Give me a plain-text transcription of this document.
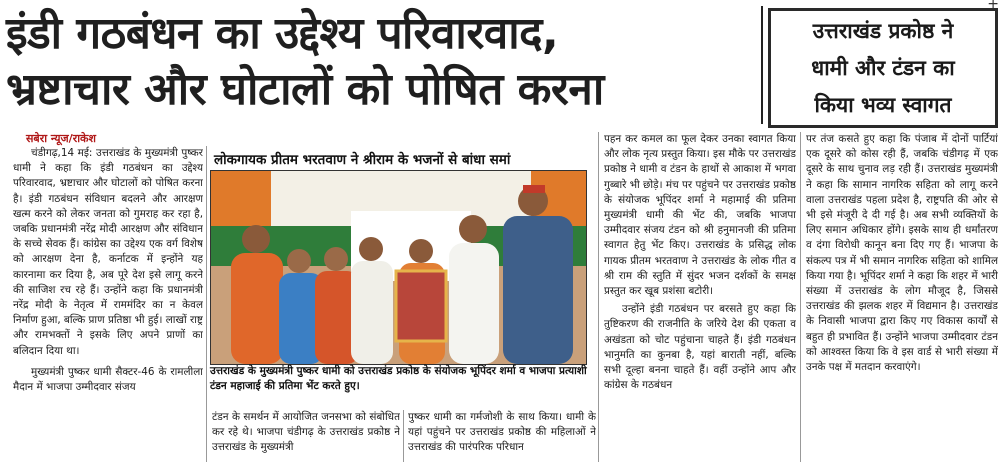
इंडी गठबंधन का उद्देश्य परिवारवाद,
भ्रष्टाचार और घोटालों को पोषित करना
उत्तराखंड प्रकोष्ठ ने
धामी और टंडन का
किया भव्य स्वागत
+
सबेरा न्यूज/राकेश
चंडीगढ़,14 मई: उत्तराखंड के मुख्यमंत्री पुष्कर धामी ने कहा कि इंडी गठबंधन का उद्देश्य परिवारवाद, भ्रष्टाचार और घोटालों को पोषित करना है। इंडी गठबंधन संविधान बदलने और आरक्षण खत्म करने को लेकर जनता को गुमराह कर रहा है, जबकि प्रधानमंत्री नरेंद्र मोदी आरक्षण और संविधान के सच्चे सेवक हैं। कांग्रेस का उद्देश्य एक वर्ग विशेष को आरक्षण देना है, कर्नाटक में इन्होंने यह कारनामा कर दिया है, अब पूरे देश इसे लागू करने की साजिश रच रहे हैं। उन्होंने कहा कि प्रधानमंत्री नरेंद्र मोदी के नेतृत्व में राममंदिर का न केवल निर्माण हुआ, बल्कि प्राण प्रतिष्ठा भी हुई। लाखों राष्ट्र और रामभक्तों ने इसके लिए अपने प्राणों का बलिदान दिया था।
मुख्यमंत्री पुष्कर धामी सैक्टर-46 के रामलीला मैदान में भाजपा उम्मीदवार संजय
लोकगायक प्रीतम भरतवाण ने श्रीराम के भजनों से बांधा समां
उत्तराखंड के मुख्यमंत्री पुष्कर धामी को उत्तराखंड प्रकोष्ठ के संयोजक भूपिंदर शर्मा व भाजपा प्रत्याशी टंडन महाजाई की प्रतिमा भेंट करते हुए।
टंडन के समर्थन में आयोजित जनसभा को संबोधित कर रहे थे। भाजपा चंडीगढ़ के उत्तराखंड प्रकोष्ठ ने उत्तराखंड के मुख्यमंत्री
पुष्कर धामी का गर्मजोशी के साथ किया। धामी के यहां पहुंचने पर उत्तराखंड प्रकोष्ठ की महिलाओं ने उत्तराखंड की पारंपरिक परिधान
पहन कर कमल का फूल देकर उनका स्वागत किया और लोक नृत्य प्रस्तुत किया। इस मौके पर उत्तराखंड प्रकोष्ठ ने धामी व टंडन के हाथों से आकाश में भगवा गुब्बारे भी छोड़े। मंच पर पहुंचने पर उत्तराखंड प्रकोष्ठ के संयोजक भूपिंदर शर्मा ने महामाई की प्रतिमा मुख्यमंत्री धामी की भेंट की, जबकि भाजपा उम्मीदवार संजय टंडन को श्री हनुमानजी की प्रतिमा स्वागत हेतु भेंट किए। उत्तराखंड के प्रसिद्ध लोक गायक प्रीतम भरतवाण ने उत्तराखंड के लोक गीत व श्री राम की स्तुति में सुंदर भजन दर्शकों के समक्ष प्रस्तुत कर खूब प्रशंसा बटोरी।
उन्होंने इंडी गठबंधन पर बरसते हुए कहा कि तुष्टिकरण की राजनीति के जरिये देश की एकता व अखंडता को चोट पहुंचाना चाहते हैं। इंडी गठबंधन भानुमति का कुनबा है, यहां बाराती नहीं, बल्कि सभी दूल्हा बनना चाहते हैं। वहीं उन्होंने आप और कांग्रेस के गठबंधन
पर तंज कसते हुए कहा कि पंजाब में दोनों पार्टियां एक दूसरे को कोस रही हैं, जबकि चंडीगढ़ में एक दूसरे के साथ चुनाव लड़ रही हैं। उत्तराखंड मुख्यमंत्री ने कहा कि सामान नागरिक सहिता को लागू करने वाला उत्तराखंड पहला प्रदेश है, राष्ट्रपति की ओर से भी इसे मंजूरी दे दी गई है। अब सभी व्यक्तियों के लिए समान अधिकार होंगे। इसके साथ ही धर्मांतरण व दंगा विरोधी कानून बना दिए गए हैं। भाजपा के संकल्प पत्र में भी समान नागरिक सहिता को शामिल किया गया है। भूपिंदर शर्मा ने कहा कि शहर में भारी संख्या में उत्तराखंड के लोग मौजूद है, जिससे उत्तराखंड की झलक शहर में विद्यमान है। उत्तराखंड के निवासी भाजपा द्वारा किए गए विकास कार्यों से बहुत ही प्रभावित हैं। उन्होंने भाजपा उम्मीदवार टंडन को आश्वस्त किया कि वे इस वार्ड से भारी संख्या में उनके पक्ष में मतदान करवाएंगे।
